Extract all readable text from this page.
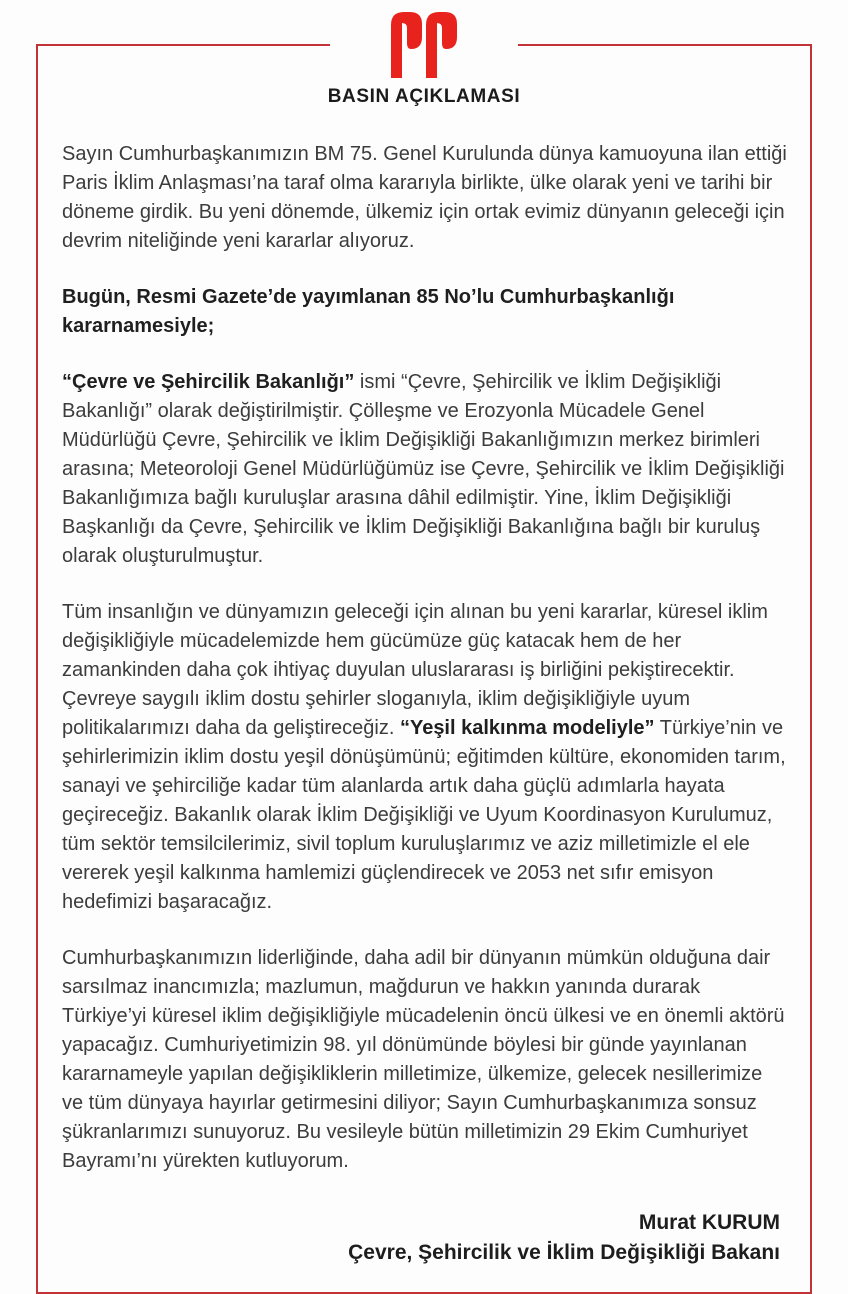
BASIN AÇIKLAMASI

Sayın Cumhurbaşkanımızın BM 75. Genel Kurulunda dünya kamuoyuna ilan ettiği Paris İklim Anlaşması’na taraf olma kararıyla birlikte, ülke olarak yeni ve tarihi bir döneme girdik. Bu yeni dönemde, ülkemiz için ortak evimiz dünyanın geleceği için devrim niteliğinde yeni kararlar alıyoruz.

Bugün, Resmi Gazete’de yayımlanan 85 No’lu Cumhurbaşkanlığı kararnamesiyle;

“Çevre ve Şehircilik Bakanlığı” ismi “Çevre, Şehircilik ve İklim Değişikliği Bakanlığı” olarak değiştirilmiştir. Çölleşme ve Erozyonla Mücadele Genel Müdürlüğü Çevre, Şehircilik ve İklim Değişikliği Bakanlığımızın merkez birimleri arasına; Meteoroloji Genel Müdürlüğümüz ise Çevre, Şehircilik ve İklim Değişikliği Bakanlığımıza bağlı kuruluşlar arasına dâhil edilmiştir. Yine, İklim Değişikliği Başkanlığı da Çevre, Şehircilik ve İklim Değişikliği Bakanlığına bağlı bir kuruluş olarak oluşturulmuştur.

Tüm insanlığın ve dünyamızın geleceği için alınan bu yeni kararlar, küresel iklim değişikliğiyle mücadelemizde hem gücümüze güç katacak hem de her zamankinden daha çok ihtiyaç duyulan uluslararası iş birliğini pekiştirecektir. Çevreye saygılı iklim dostu şehirler sloganıyla, iklim değişikliğiyle uyum politikalarımızı daha da geliştireceğiz. “Yeşil kalkınma modeliyle” Türkiye’nin ve şehirlerimizin iklim dostu yeşil dönüşümünü; eğitimden kültüre, ekonomiden tarım, sanayi ve şehirciliğe kadar tüm alanlarda artık daha güçlü adımlarla hayata geçireceğiz. Bakanlık olarak İklim Değişikliği ve Uyum Koordinasyon Kurulumuz, tüm sektör temsilcilerimiz, sivil toplum kuruluşlarımız ve aziz milletimizle el ele vererek yeşil kalkınma hamlemizi güçlendirecek ve 2053 net sıfır emisyon hedefimizi başaracağız.

Cumhurbaşkanımızın liderliğinde, daha adil bir dünyanın mümkün olduğuna dair sarsılmaz inancımızla; mazlumun, mağdurun ve hakkın yanında durarak Türkiye’yi küresel iklim değişikliğiyle mücadelenin öncü ülkesi ve en önemli aktörü yapacağız. Cumhuriyetimizin 98. yıl dönümünde böylesi bir günde yayınlanan kararnameyle yapılan değişikliklerin milletimize, ülkemize, gelecek nesillerimize ve tüm dünyaya hayırlar getirmesini diliyor; Sayın Cumhurbaşkanımıza sonsuz şükranlarımızı sunuyoruz. Bu vesileyle bütün milletimizin 29 Ekim Cumhuriyet Bayramı’nı yürekten kutluyorum.

Murat KURUM
Çevre, Şehircilik ve İklim Değişikliği Bakanı
